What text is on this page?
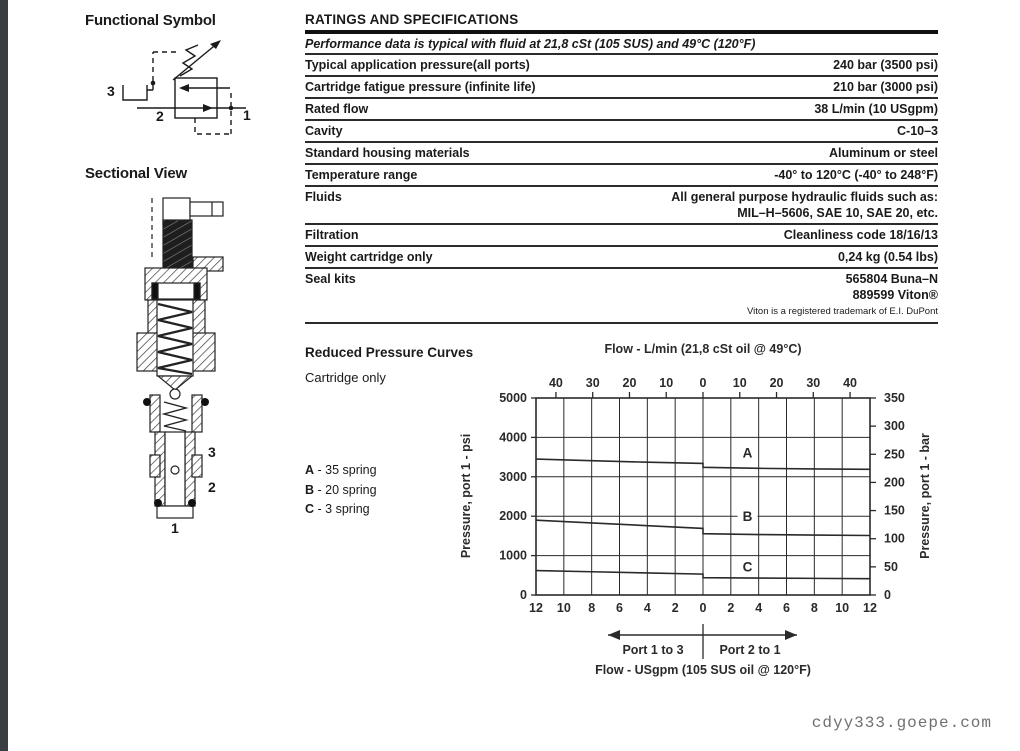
Functional Symbol
3
2	1
Sectional View
3
2
1
RATINGS AND SPECIFICATIONS
Performance data is typical with fluid at 21,8 cSt (105 SUS) and 49°C (120°F)
Typical application pressure(all ports)	240 bar (3500 psi)
Cartridge fatigue pressure (infinite life)	210 bar (3000 psi)
Rated flow	38 L/min (10 USgpm)
Cavity	C-10–3
Standard housing materials	Aluminum or steel
Temperature range	-40° to 120°C (-40° to 248°F)
Fluids	All general purpose hydraulic fluids such as:
MIL–H–5606, SAE 10, SAE 20, etc.
Filtration	Cleanliness code 18/16/13
Weight cartridge only	0,24 kg (0.54 lbs)
Seal kits	565804 Buna–N
889599 Viton®
Viton is a registered trademark of E.I. DuPont
Reduced Pressure Curves
Cartridge only
A - 35 spring
B - 20 spring
C - 3 spring
Flow - L/min (21,8 cSt oil @ 49°C)
40 30 20 10 0 10 20 30 40
0
1000
2000
3000
4000
5000
Pressure, port 1 - psi
0
50
100
150
200
250
300
350
Pressure, port 1 - bar
12 10 8 6 4 2 0 2 4 6 8 10 12
A
B
C
Port 1 to 3	Port 2 to 1
Flow - USgpm (105 SUS oil @ 120°F)
cdyy333.goepe.com
